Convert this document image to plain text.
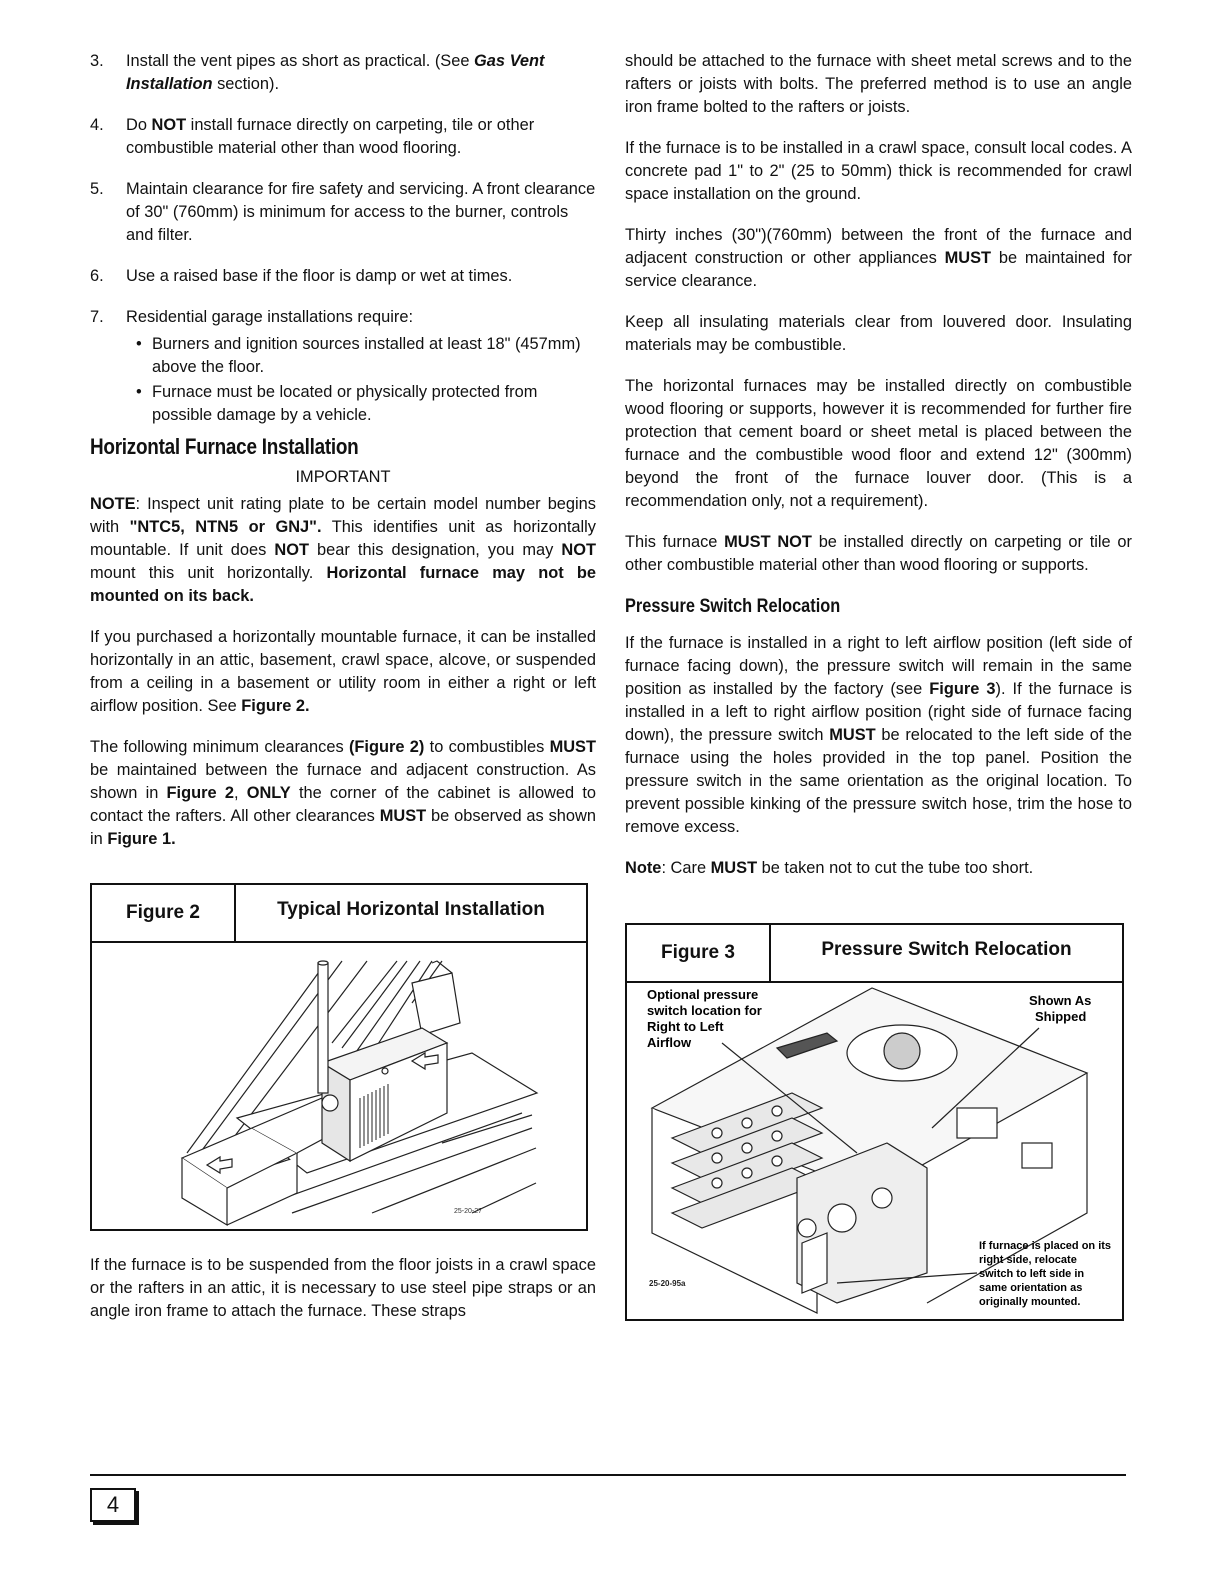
3. Install the vent pipes as short as practical. (See Gas Vent Installation section).
4. Do NOT install furnace directly on carpeting, tile or other combustible material other than wood flooring.
5. Maintain clearance for fire safety and servicing. A front clearance of 30" (760mm) is minimum for access to the burner, controls and filter.
6. Use a raised base if the floor is damp or wet at times.
7. Residential garage installations require:
• Burners and ignition sources installed at least 18" (457mm) above the floor.
• Furnace must be located or physically protected from possible damage by a vehicle.
Horizontal Furnace Installation
IMPORTANT

NOTE: Inspect unit rating plate to be certain model number begins with "NTC5, NTN5 or GNJ". This identifies unit as horizontally mountable. If unit does NOT bear this designation, you may NOT mount this unit horizontally. Horizontal furnace may not be mounted on its back.

If you purchased a horizontally mountable furnace, it can be installed horizontally in an attic, basement, crawl space, alcove, or suspended from a ceiling in a basement or utility room in either a right or left airflow position. See Figure 2.

The following minimum clearances (Figure 2) to combustibles MUST be maintained between the furnace and adjacent construction. As shown in Figure 2, ONLY the corner of the cabinet is allowed to contact the rafters. All other clearances MUST be observed as shown in Figure 1.

Figure 2	Typical Horizontal Installation
25-20-27

If the furnace is to be suspended from the floor joists in a crawl space or the rafters in an attic, it is necessary to use steel pipe straps or an angle iron frame to attach the furnace. These straps

should be attached to the furnace with sheet metal screws and to the rafters or joists with bolts. The preferred method is to use an angle iron frame bolted to the rafters or joists.

If the furnace is to be installed in a crawl space, consult local codes. A concrete pad 1" to 2" (25 to 50mm) thick is recommended for crawl space installation on the ground.

Thirty inches (30")(760mm) between the front of the furnace and adjacent construction or other appliances MUST be maintained for service clearance.

Keep all insulating materials clear from louvered door. Insulating materials may be combustible.

The horizontal furnaces may be installed directly on combustible wood flooring or supports, however it is recommended for further fire protection that cement board or sheet metal is placed between the furnace and the combustible wood floor and extend 12" (300mm) beyond the front of the furnace louver door. (This is a recommendation only, not a requirement).

This furnace MUST NOT be installed directly on carpeting or tile or other combustible material other than wood flooring or supports.

Pressure Switch Relocation

If the furnace is installed in a right to left airflow position (left side of furnace facing down), the pressure switch will remain in the same position as installed by the factory (see Figure 3). If the furnace is installed in a left to right airflow position (right side of furnace facing down), the pressure switch MUST be relocated to the left side of the furnace using the holes provided in the top panel. Position the pressure switch in the same orientation as the original location. To prevent possible kinking of the pressure switch hose, trim the hose to remove excess.

Note: Care MUST be taken not to cut the tube too short.

Figure 3	Pressure Switch Relocation
Optional pressure
switch location for
Right to Left
Airflow
Shown As
Shipped
If furnace is placed on its
right side, relocate
switch to left side in
same orientation as
originally mounted.
25-20-95a
4
